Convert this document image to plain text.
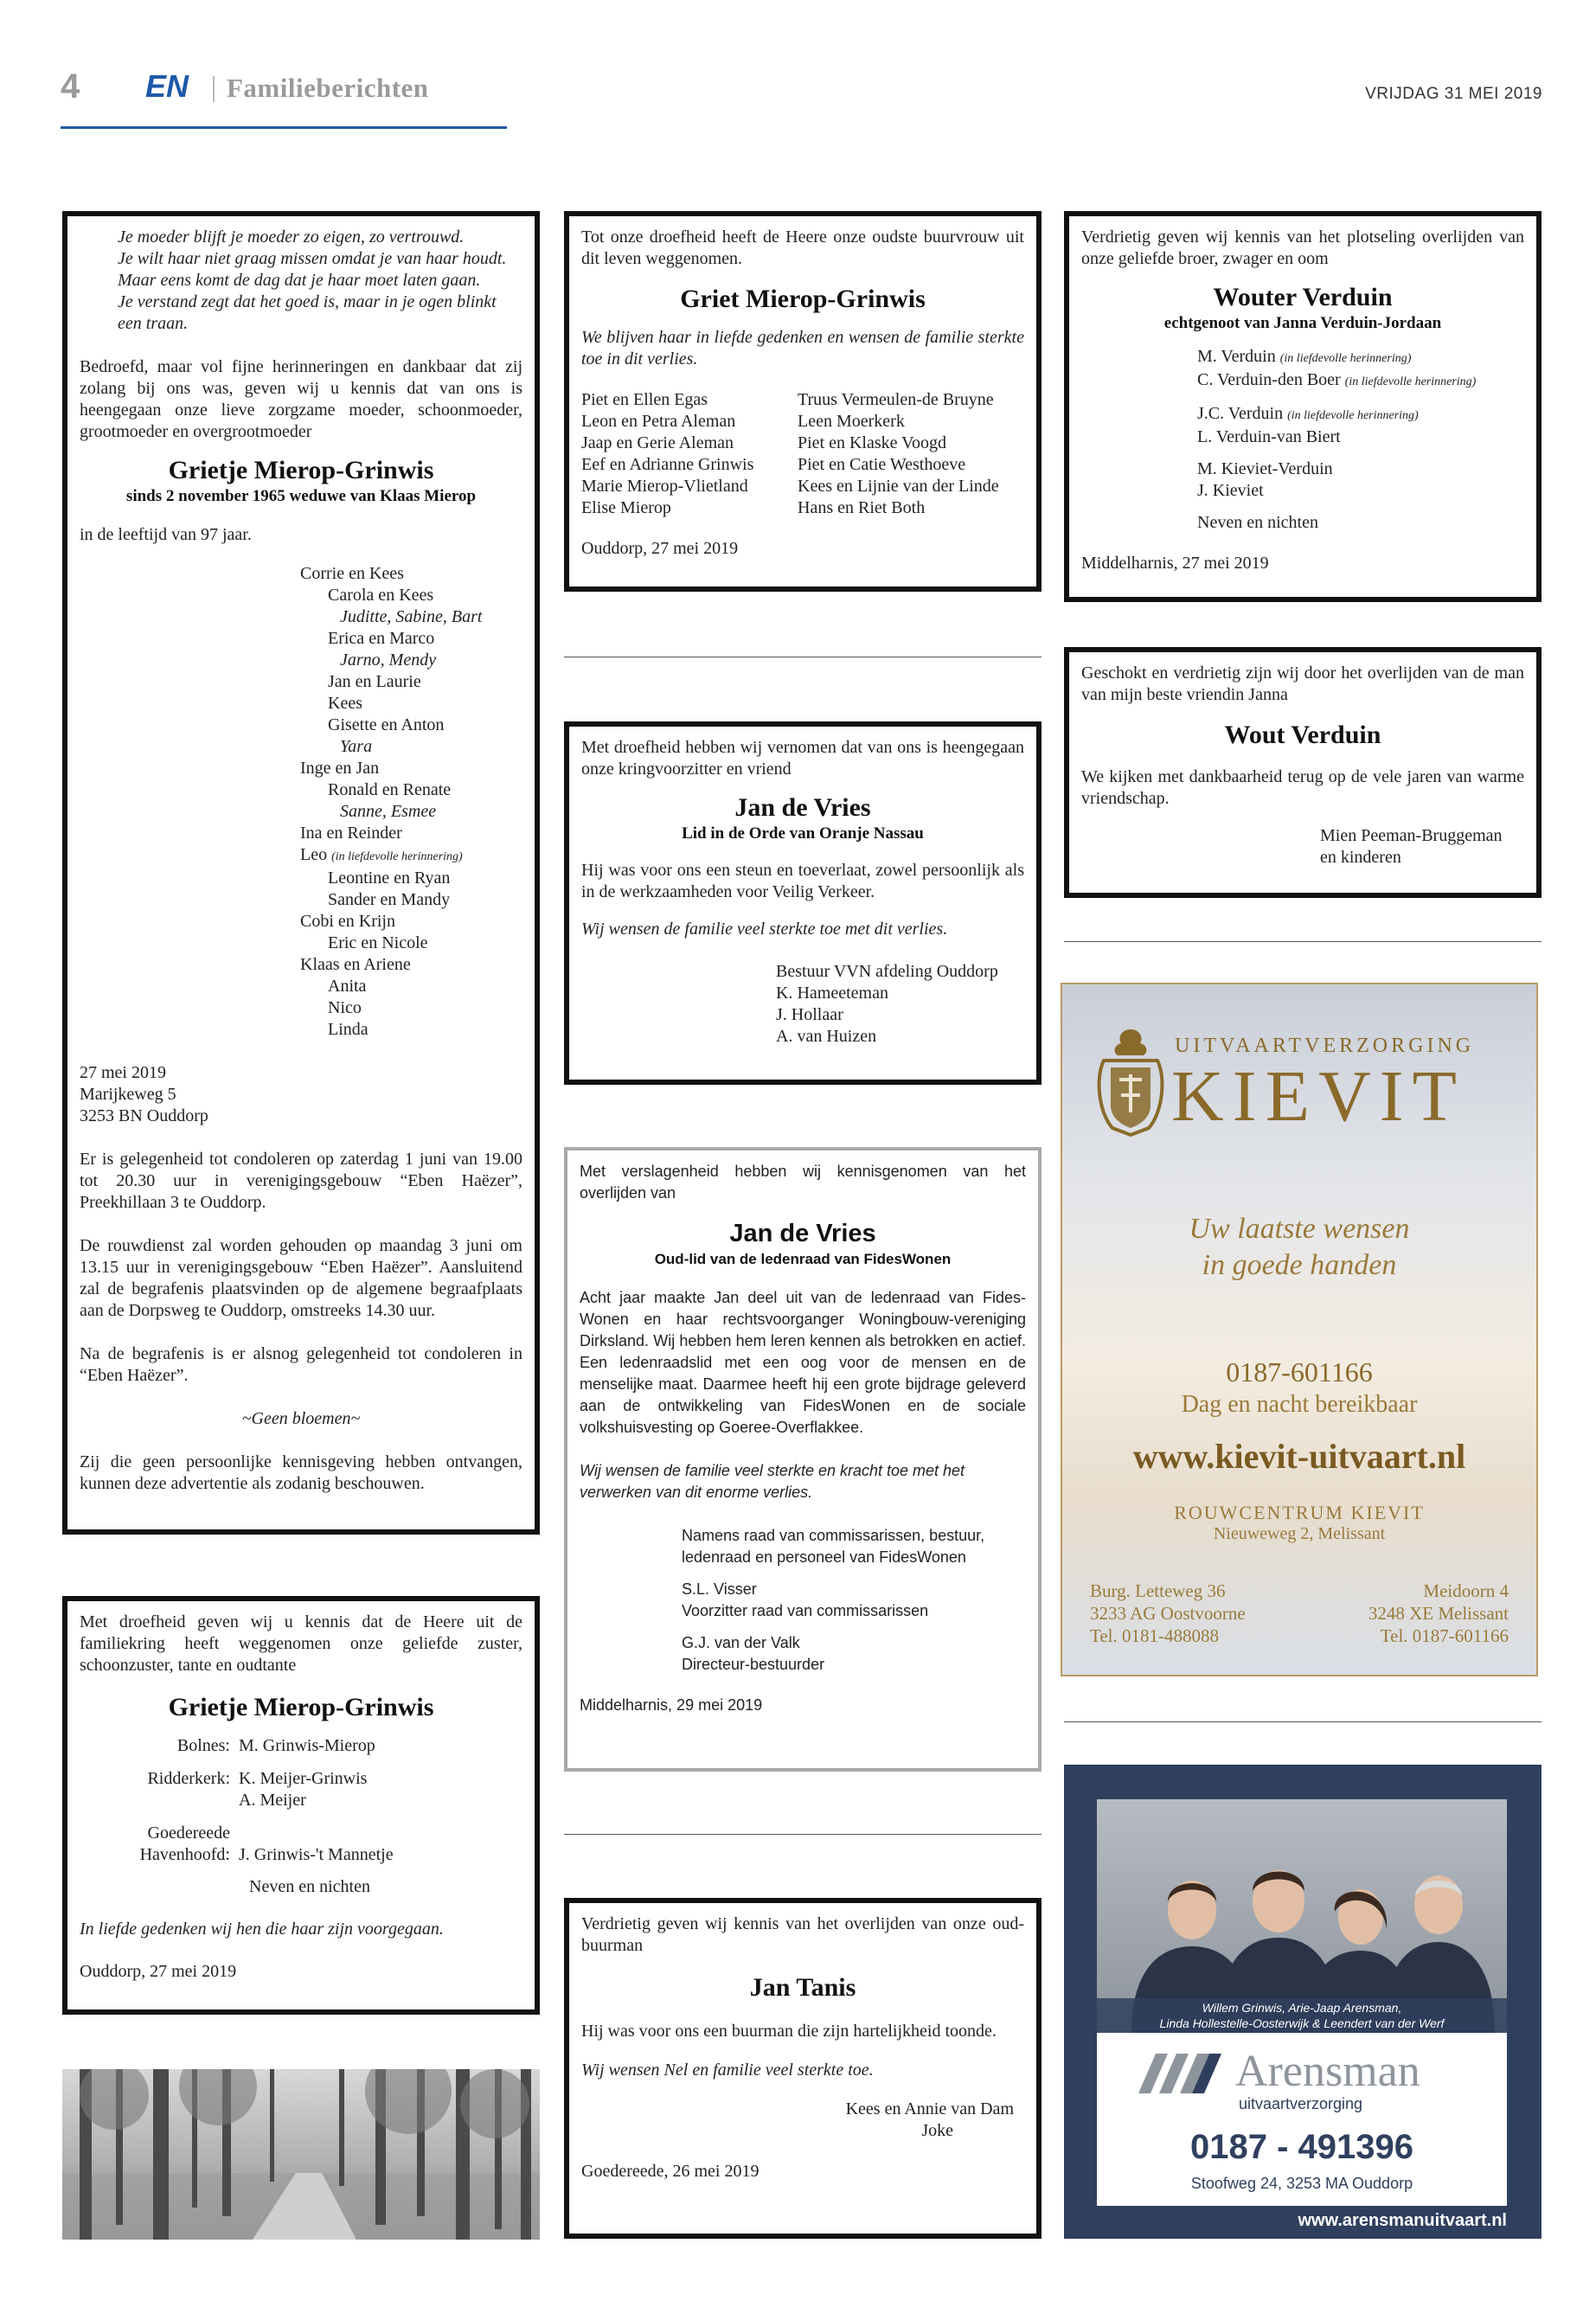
4 EN Familieberichten	VRIJDAG 31 MEI 2019
Je moeder blijft je moeder zo eigen, zo vertrouwd.
Je wilt haar niet graag missen omdat je van haar houdt.
Maar eens komt de dag dat je haar moet laten gaan.
Je verstand zegt dat het goed is, maar in je ogen blinkt
een traan.
Bedroefd, maar vol fijne herinneringen en dankbaar dat zij zolang bij ons was, geven wij u kennis dat van ons is heengegaan onze lieve zorgzame moeder, schoonmoeder, grootmoeder en overgrootmoeder
Grietje Mierop-Grinwis
sinds 2 november 1965 weduwe van Klaas Mierop
in de leeftijd van 97 jaar.
Corrie en Kees
Carola en Kees
Juditte, Sabine, Bart
Erica en Marco
Jarno, Mendy
Jan en Laurie
Kees
Gisette en Anton
Yara
Inge en Jan
Ronald en Renate
Sanne, Esmee
Ina en Reinder
Leo (in liefdevolle herinnering)
Leontine en Ryan
Sander en Mandy
Cobi en Krijn
Eric en Nicole
Klaas en Ariene
Anita
Nico
Linda
27 mei 2019
Marijkeweg 5
3253 BN Ouddorp
Er is gelegenheid tot condoleren op zaterdag 1 juni van 19.00 tot 20.30 uur in verenigingsgebouw “Eben Haëzer”, Preekhillaan 3 te Ouddorp.
De rouwdienst zal worden gehouden op maandag 3 juni om 13.15 uur in verenigingsgebouw “Eben Haëzer”. Aansluitend zal de begrafenis plaatsvinden op de algemene begraafplaats aan de Dorpsweg te Ouddorp, omstreeks 14.30 uur.
Na de begrafenis is er alsnog gelegenheid tot condoleren in “Eben Haëzer”.
~Geen bloemen~
Zij die geen persoonlijke kennisgeving hebben ontvangen, kunnen deze advertentie als zodanig beschouwen.
Met droefheid geven wij u kennis dat de Heere uit de familiekring heeft weggenomen onze geliefde zuster, schoonzuster, tante en oudtante
Grietje Mierop-Grinwis
Bolnes: M. Grinwis-Mierop
Ridderkerk: K. Meijer-Grinwis
A. Meijer
Goedereede Havenhoofd: J. Grinwis-'t Mannetje
Neven en nichten
In liefde gedenken wij hen die haar zijn voorgegaan.
Ouddorp, 27 mei 2019
Tot onze droefheid heeft de Heere onze oudste buurvrouw uit dit leven weggenomen.
Griet Mierop-Grinwis
We blijven haar in liefde gedenken en wensen de familie sterkte toe in dit verlies.
Piet en Ellen Egas
Leon en Petra Aleman
Jaap en Gerie Aleman
Eef en Adrianne Grinwis
Marie Mierop-Vlietland
Elise Mierop
Truus Vermeulen-de Bruyne
Leen Moerkerk
Piet en Klaske Voogd
Piet en Catie Westhoeve
Kees en Lijnie van der Linde
Hans en Riet Both
Ouddorp, 27 mei 2019
Met droefheid hebben wij vernomen dat van ons is heengegaan onze kringvoorzitter en vriend
Jan de Vries
Lid in de Orde van Oranje Nassau
Hij was voor ons een steun en toeverlaat, zowel persoonlijk als in de werkzaamheden voor Veilig Verkeer.
Wij wensen de familie veel sterkte toe met dit verlies.
Bestuur VVN afdeling Ouddorp
K. Hameeteman
J. Hollaar
A. van Huizen
Met verslagenheid hebben wij kennisgenomen van het overlijden van
Jan de Vries
Oud-lid van de ledenraad van FidesWonen
Acht jaar maakte Jan deel uit van de ledenraad van Fides-Wonen en haar rechtsvoorganger Woningbouw-vereniging Dirksland. Wij hebben hem leren kennen als betrokken en actief. Een ledenraadslid met een oog voor de mensen en de menselijke maat. Daarmee heeft hij een grote bijdrage geleverd aan de ontwikkeling van FidesWonen en de sociale volkshuisvesting op Goeree-Overflakkee.
Wij wensen de familie veel sterkte en kracht toe met het verwerken van dit enorme verlies.
Namens raad van commissarissen, bestuur, ledenraad en personeel van FidesWonen
S.L. Visser
Voorzitter raad van commissarissen
G.J. van der Valk
Directeur-bestuurder
Middelharnis, 29 mei 2019
Verdrietig geven wij kennis van het overlijden van onze oud-buurman
Jan Tanis
Hij was voor ons een buurman die zijn hartelijkheid toonde.
Wij wensen Nel en familie veel sterkte toe.
Kees en Annie van Dam
Joke
Goedereede, 26 mei 2019
Verdrietig geven wij kennis van het plotseling overlijden van onze geliefde broer, zwager en oom
Wouter Verduin
echtgenoot van Janna Verduin-Jordaan
M. Verduin (in liefdevolle herinnering)
C. Verduin-den Boer (in liefdevolle herinnering)
J.C. Verduin (in liefdevolle herinnering)
L. Verduin-van Biert
M. Kieviet-Verduin
J. Kieviet
Neven en nichten
Middelharnis, 27 mei 2019
Geschokt en verdrietig zijn wij door het overlijden van de man van mijn beste vriendin Janna
Wout Verduin
We kijken met dankbaarheid terug op de vele jaren van warme vriendschap.
Mien Peeman-Bruggeman
en kinderen
UITVAARTVERZORGING
KIEVIT
Uw laatste wensen
in goede handen
0187-601166
Dag en nacht bereikbaar
www.kievit-uitvaart.nl
ROUWCENTRUM KIEVIT
Nieuweweg 2, Melissant
Burg. Letteweg 36
3233 AG Oostvoorne
Tel. 0181-488088
Meidoorn 4
3248 XE Melissant
Tel. 0187-601166
Willem Grinwis, Arie-Jaap Arensman,
Linda Hollestelle-Oosterwijk & Leendert van der Werf
Arensman
uitvaartverzorging
0187 - 491396
Stoofweg 24, 3253 MA Ouddorp
www.arensmanuitvaart.nl
